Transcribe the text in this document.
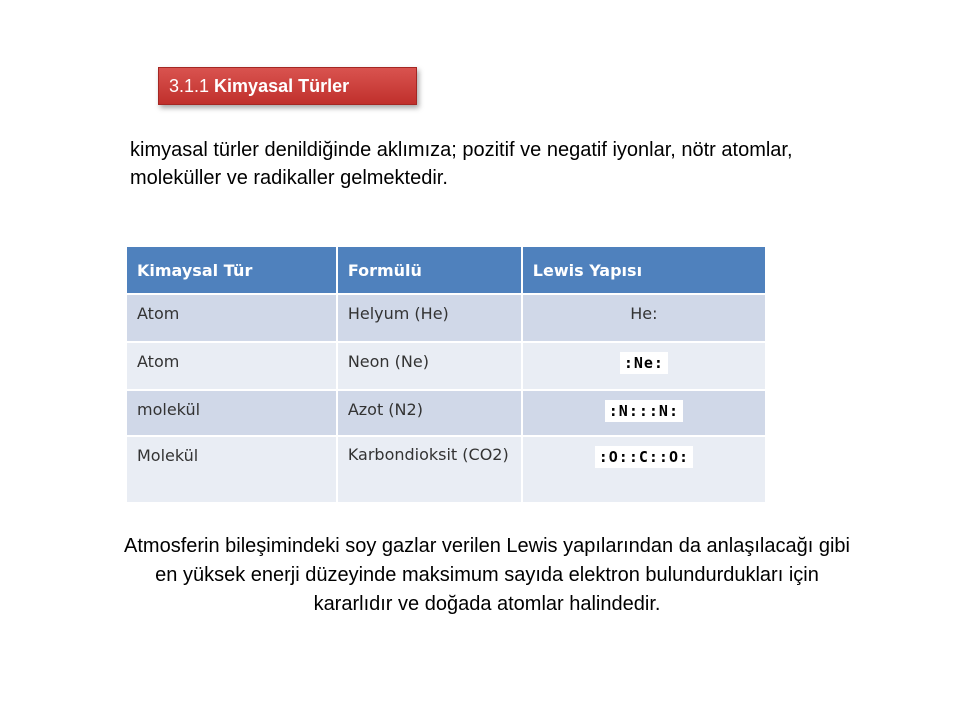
3.1.1 Kimyasal Türler
kimyasal türler denildiğinde aklımıza; pozitif ve negatif iyonlar, nötr atomlar, moleküller ve radikaller gelmektedir.
Kimaysal Tür	Formülü	Lewis Yapısı
Atom	Helyum (He)	He:
Atom	Neon (Ne)	:Ne:
molekül	Azot (N2)	:N:::N:
Molekül	Karbondioksit (CO2)	:O::C::O:
Atmosferin bileşimindeki soy gazlar verilen Lewis yapılarından da anlaşılacağı gibi en yüksek enerji düzeyinde maksimum sayıda elektron bulundurdukları için kararlıdır ve doğada atomlar halindedir.
